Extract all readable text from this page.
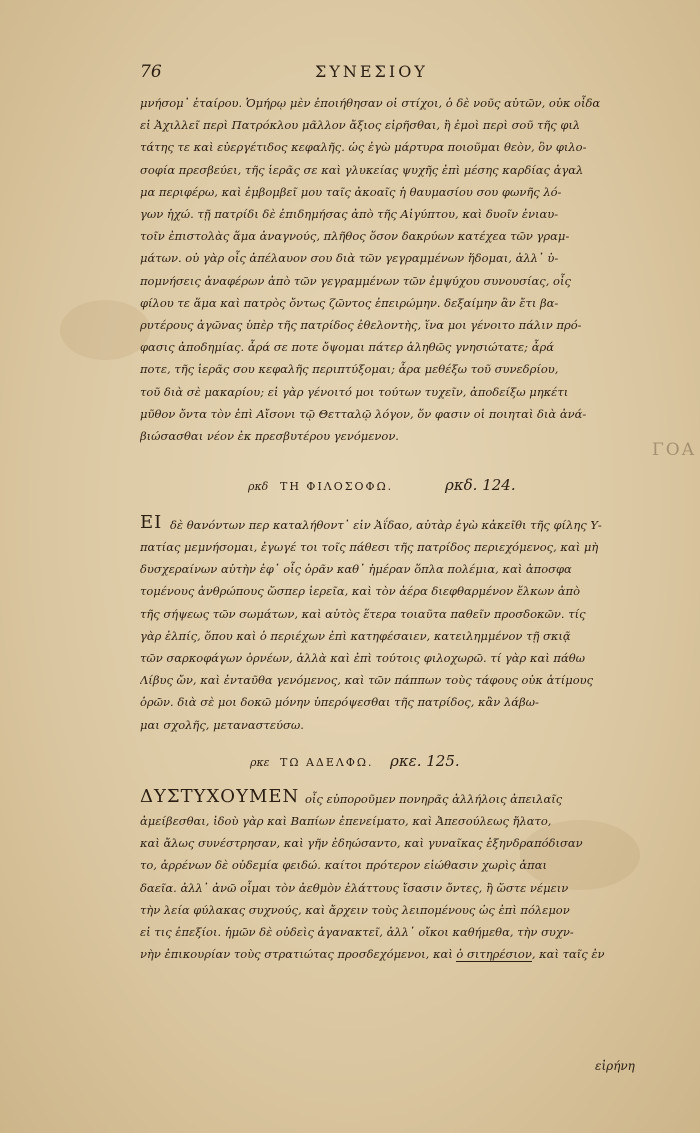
ΓΟΑ
76	ΣΥΝΕΣΙΟΥ
μνήσομ᾽ ἑταίρου. Ὁμήρῳ μὲν ἐποιήθησαν οἱ στίχοι, ὁ δὲ νοῦς αὐτῶν, οὐκ οἶδα
εἰ Ἀχιλλεῖ περὶ Πατρόκλου μᾶλλον ἄξιος εἰρῆσθαι, ἢ ἐμοὶ περὶ σοῦ τῆς φιλ
τάτης τε καὶ εὐεργέτιδος κεφαλῆς. ὡς ἐγὼ μάρτυρα ποιοῦμαι θεὸν, ὃν φιλο-
σοφία πρεσβεύει, τῆς ἱερᾶς σε καὶ γλυκείας ψυχῆς ἐπὶ μέσης καρδίας ἀγαλ
μα περιφέρω, καὶ ἐμβομβεῖ μου ταῖς ἀκοαῖς ἡ θαυμασίου σου φωνῆς λό-
γων ἠχώ. τῇ πατρίδι δὲ ἐπιδημήσας ἀπὸ τῆς Αἰγύπτου, καὶ δυοῖν ἐνιαυ-
τοῖν ἐπιστολὰς ἅμα ἀναγνούς, πλῆθος ὅσον δακρύων κατέχεα τῶν γραμ-
μάτων. οὐ γὰρ οἷς ἀπέλαυον σου διὰ τῶν γεγραμμένων ἥδομαι, ἀλλ᾽ ὑ-
πομνήσεις ἀναφέρων ἀπὸ τῶν γεγραμμένων τῶν ἐμψύχου συνουσίας, οἷς
φίλου τε ἅμα καὶ πατρὸς ὄντως ζῶντος ἐπειρώμην. δεξαίμην ἂν ἔτι βα-
ρυτέρους ἀγῶνας ὑπὲρ τῆς πατρίδος ἐθελοντὴς, ἵνα μοι γένοιτο πάλιν πρό-
φασις ἀποδημίας. ἆρά σε ποτε ὄψομαι πάτερ ἀληθῶς γνησιώτατε; ἆρά
ποτε, τῆς ἱερᾶς σου κεφαλῆς περιπτύξομαι; ἆρα μεθέξω τοῦ συνεδρίου,
τοῦ διὰ σὲ μακαρίου; εἰ γὰρ γένοιτό μοι τούτων τυχεῖν, ἀποδείξω μηκέτι
μῦθον ὄντα τὸν ἐπὶ Αἴσονι τῷ Θετταλῷ λόγον, ὅν φασιν οἱ ποιηταὶ διὰ ἀνά-
βιώσασθαι νέον ἐκ πρεσβυτέρου γενόμενον.
ρκδ ΤΗ ΦΙΛΟΣΟΦΩ.	ρκδ. 124.
ΕΙ δὲ θανόντων περ καταλήθοντ᾽ εἰν Ἀΐδαο, αὐτὰρ ἐγὼ κἀκεῖθι τῆς φίλης Υ-
πατίας μεμνήσομαι, ἐγωγέ τοι τοῖς πάθεσι τῆς πατρίδος περιεχόμενος, καὶ μὴ
δυσχεραίνων αὐτὴν ἐφ᾽ οἷς ὁρᾶν καθ᾽ ἡμέραν ὅπλα πολέμια, καὶ ἀποσφα
τομένους ἀνθρώπους ὥσπερ ἱερεῖα, καὶ τὸν ἀέρα διεφθαρμένον ἕλκων ἀπὸ
τῆς σήψεως τῶν σωμάτων, καὶ αὐτὸς ἕτερα τοιαῦτα παθεῖν προσδοκῶν. τίς
γὰρ ἐλπίς, ὅπου καὶ ὁ περιέχων ἐπὶ κατηφέσαιεν, κατειλημμένον τῇ σκιᾷ
τῶν σαρκοφάγων ὀρνέων, ἀλλὰ καὶ ἐπὶ τούτοις φιλοχωρῶ. τί γὰρ καὶ πάθω
Λίβυς ὤν, καὶ ἐνταῦθα γενόμενος, καὶ τῶν πάππων τοὺς τάφους οὐκ ἀτίμους
ὁρῶν. διὰ σὲ μοι δοκῶ μόνην ὑπερόψεσθαι τῆς πατρίδος, κἂν λάβω-
μαι σχολῆς, μεταναστεύσω.
ρκε ΤΩ ΑΔΕΛΦΩ. ρκε. 125.
ΔΥΣΤΥΧΟΥΜΕΝ οἷς εὐποροῦμεν πονηρᾶς ἀλλήλοις ἀπειλαῖς
ἀμείβεσθαι, ἰδοὺ γὰρ καὶ Βαπίων ἐπενείματο, καὶ Ἀπεσούλεως ἤλατο,
καὶ ἄλως συνέστρησαν, καὶ γῆν ἐδηώσαντο, καὶ γυναῖκας ἐξηνδραπόδισαν
το, ἀρρένων δὲ οὐδεμία φειδώ. καίτοι πρότερον εἰώθασιν χωρὶς ἀπαι
δαεῖα. ἀλλ᾽ ἀνῶ οἶμαι τὸν ἀεθμὸν ἐλάττους ἴσασιν ὄντες, ἢ ὥστε νέμειν
τὴν λεία φύλακας συχνούς, καὶ ἄρχειν τοὺς λειπομένους ὡς ἐπὶ πόλεμον
εἰ τις ἐπεξίοι. ἡμῶν δὲ οὐδεὶς ἀγανακτεῖ, ἀλλ᾽ οἴκοι καθήμεθα, τὴν συχν-
νὴν ἐπικουρίαν τοὺς στρατιώτας προσδεχόμενοι, καὶ ὁ σιτηρέσιον, καὶ ταῖς ἐν
εἰρήνη
